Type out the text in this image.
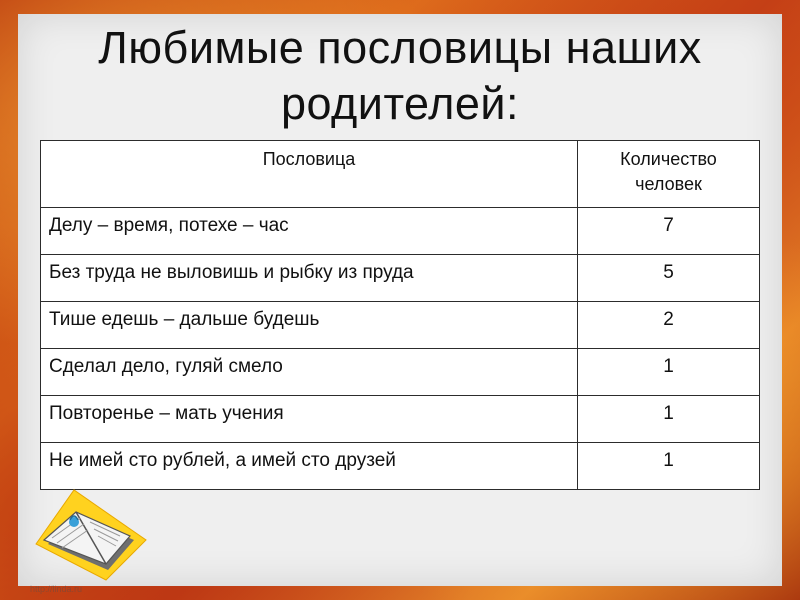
Любимые пословицы наших родителей:
Пословица	Количество человек
Делу – время, потехе – час	7
Без труда не выловишь и рыбку из пруда	5
Тише едешь – дальше будешь	2
Сделал дело, гуляй смело	1
Повторенье – мать учения	1
Не имей сто рублей, а имей сто друзей	1
http://linda.ru
